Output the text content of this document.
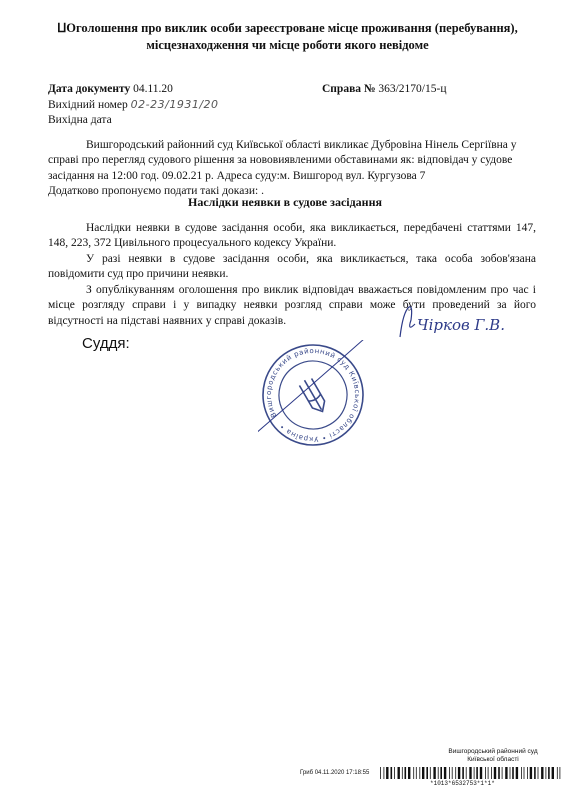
⨿Оголошення про виклик особи зареєстроване місце проживання (перебування),
місцезнаходження чи місце роботи якого невідоме
Дата документу 04.11.20
Вихідний номер 02-23/1931/20
Вихідна дата
Справа № 363/2170/15-ц
Вишгородський районний суд Київської області викликає Дубровіна Нінель Сергіївна у
справі про перегляд судового рішення за нововиявленими обставинами як: відповідач у судове
засідання на 12:00 год. 09.02.21 р. Адреса суду:м. Вишгород вул. Кургузова 7
Додатково пропонуємо подати такі докази: .
Наслідки неявки в судове засідання
Наслідки неявки в судове засідання особи, яка викликається, передбачені статтями 147, 148, 223, 372 Цивільного процесуального кодексу України.
У разі неявки в судове засідання особи, яка викликається, така особа зобов'язана повідомити суд про причини неявки.
З опублікуванням оголошення про виклик відповідач вважається повідомленим про час і місце розгляду справи і у випадку неявки розгляд справи може бути проведений за його відсутності на підставі наявних у справі доказів.
Суддя:
Вишгородський районний суд Київської області • Україна •
Чірков Г.В.
Вишгородський районний суд
Київської області
Гриб 04.11.2020 17:18:55
*1013*6532753*1*1*
